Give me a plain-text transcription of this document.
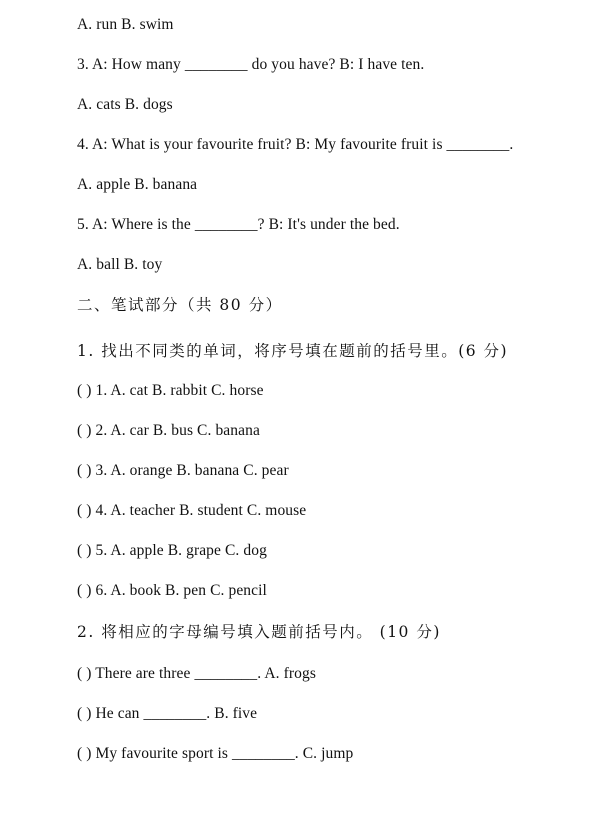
A. run B. swim
3. A: How many ________ do you have? B: I have ten.
A. cats B. dogs
4. A: What is your favourite fruit? B: My favourite fruit is ________.
A. apple B. banana
5. A: Where is the ________? B: It's under the bed.
A. ball B. toy
二、笔试部分（共 80 分）
1. 找出不同类的单词，将序号填在题前的括号里。(6 分)
( ) 1. A. cat B. rabbit C. horse
( ) 2. A. car B. bus C. banana
( ) 3. A. orange B. banana C. pear
( ) 4. A. teacher B. student C. mouse
( ) 5. A. apple B. grape C. dog
( ) 6. A. book B. pen C. pencil
2. 将相应的字母编号填入题前括号内。 (10 分)
( ) There are three ________. A. frogs
( ) He can ________. B. five
( ) My favourite sport is ________. C. jump
